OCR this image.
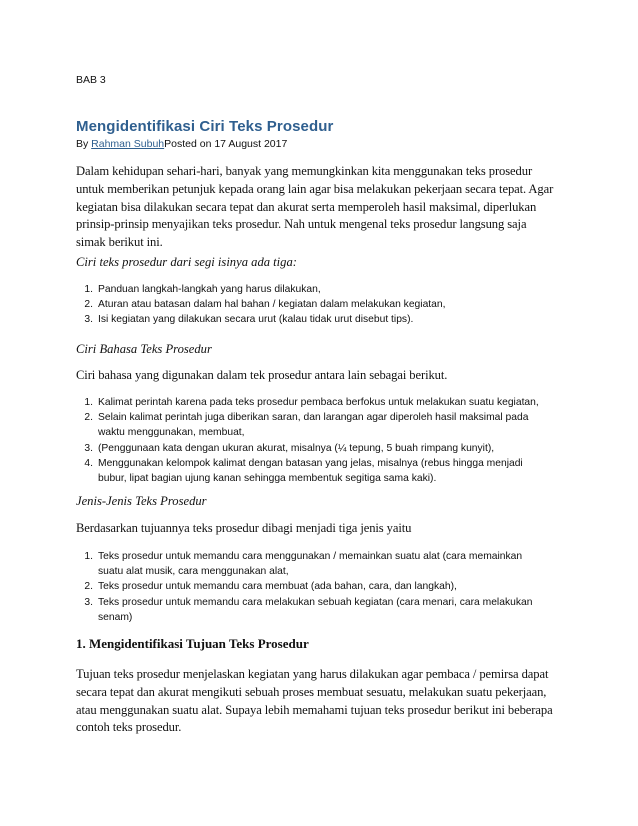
BAB 3
Mengidentifikasi Ciri Teks Prosedur
By Rahman SubuhPosted on 17 August 2017
Dalam kehidupan sehari-hari, banyak yang memungkinkan kita menggunakan teks prosedur
untuk memberikan petunjuk kepada orang lain agar bisa melakukan pekerjaan secara tepat. Agar
kegiatan bisa dilakukan secara tepat dan akurat serta memperoleh hasil maksimal, diperlukan
prinsip-prinsip menyajikan teks prosedur. Nah untuk mengenal teks prosedur langsung saja
simak berikut ini.
Ciri teks prosedur dari segi isinya ada tiga:
1. Panduan langkah-langkah yang harus dilakukan,
2. Aturan atau batasan dalam hal bahan / kegiatan dalam melakukan kegiatan,
3. Isi kegiatan yang dilakukan secara urut (kalau tidak urut disebut tips).
Ciri Bahasa Teks Prosedur
Ciri bahasa yang digunakan dalam tek prosedur antara lain sebagai berikut.
1. Kalimat perintah karena pada teks prosedur pembaca berfokus untuk melakukan suatu kegiatan,
2. Selain kalimat perintah juga diberikan saran, dan larangan agar diperoleh hasil maksimal pada
waktu menggunakan, membuat,
3. (Penggunaan kata dengan ukuran akurat, misalnya (¼ tepung, 5 buah rimpang kunyit),
4. Menggunakan kelompok kalimat dengan batasan yang jelas, misalnya (rebus hingga menjadi
bubur, lipat bagian ujung kanan sehingga membentuk segitiga sama kaki).
Jenis-Jenis Teks Prosedur
Berdasarkan tujuannya teks prosedur dibagi menjadi tiga jenis yaitu
1. Teks prosedur untuk memandu cara menggunakan / memainkan suatu alat (cara memainkan
suatu alat musik, cara menggunakan alat,
2. Teks prosedur untuk memandu cara membuat (ada bahan, cara, dan langkah),
3. Teks prosedur untuk memandu cara melakukan sebuah kegiatan (cara menari, cara melakukan
senam)
1. Mengidentifikasi Tujuan Teks Prosedur
Tujuan teks prosedur menjelaskan kegiatan yang harus dilakukan agar pembaca / pemirsa dapat
secara tepat dan akurat mengikuti sebuah proses membuat sesuatu, melakukan suatu pekerjaan,
atau menggunakan suatu alat. Supaya lebih memahami tujuan teks prosedur berikut ini beberapa
contoh teks prosedur.
